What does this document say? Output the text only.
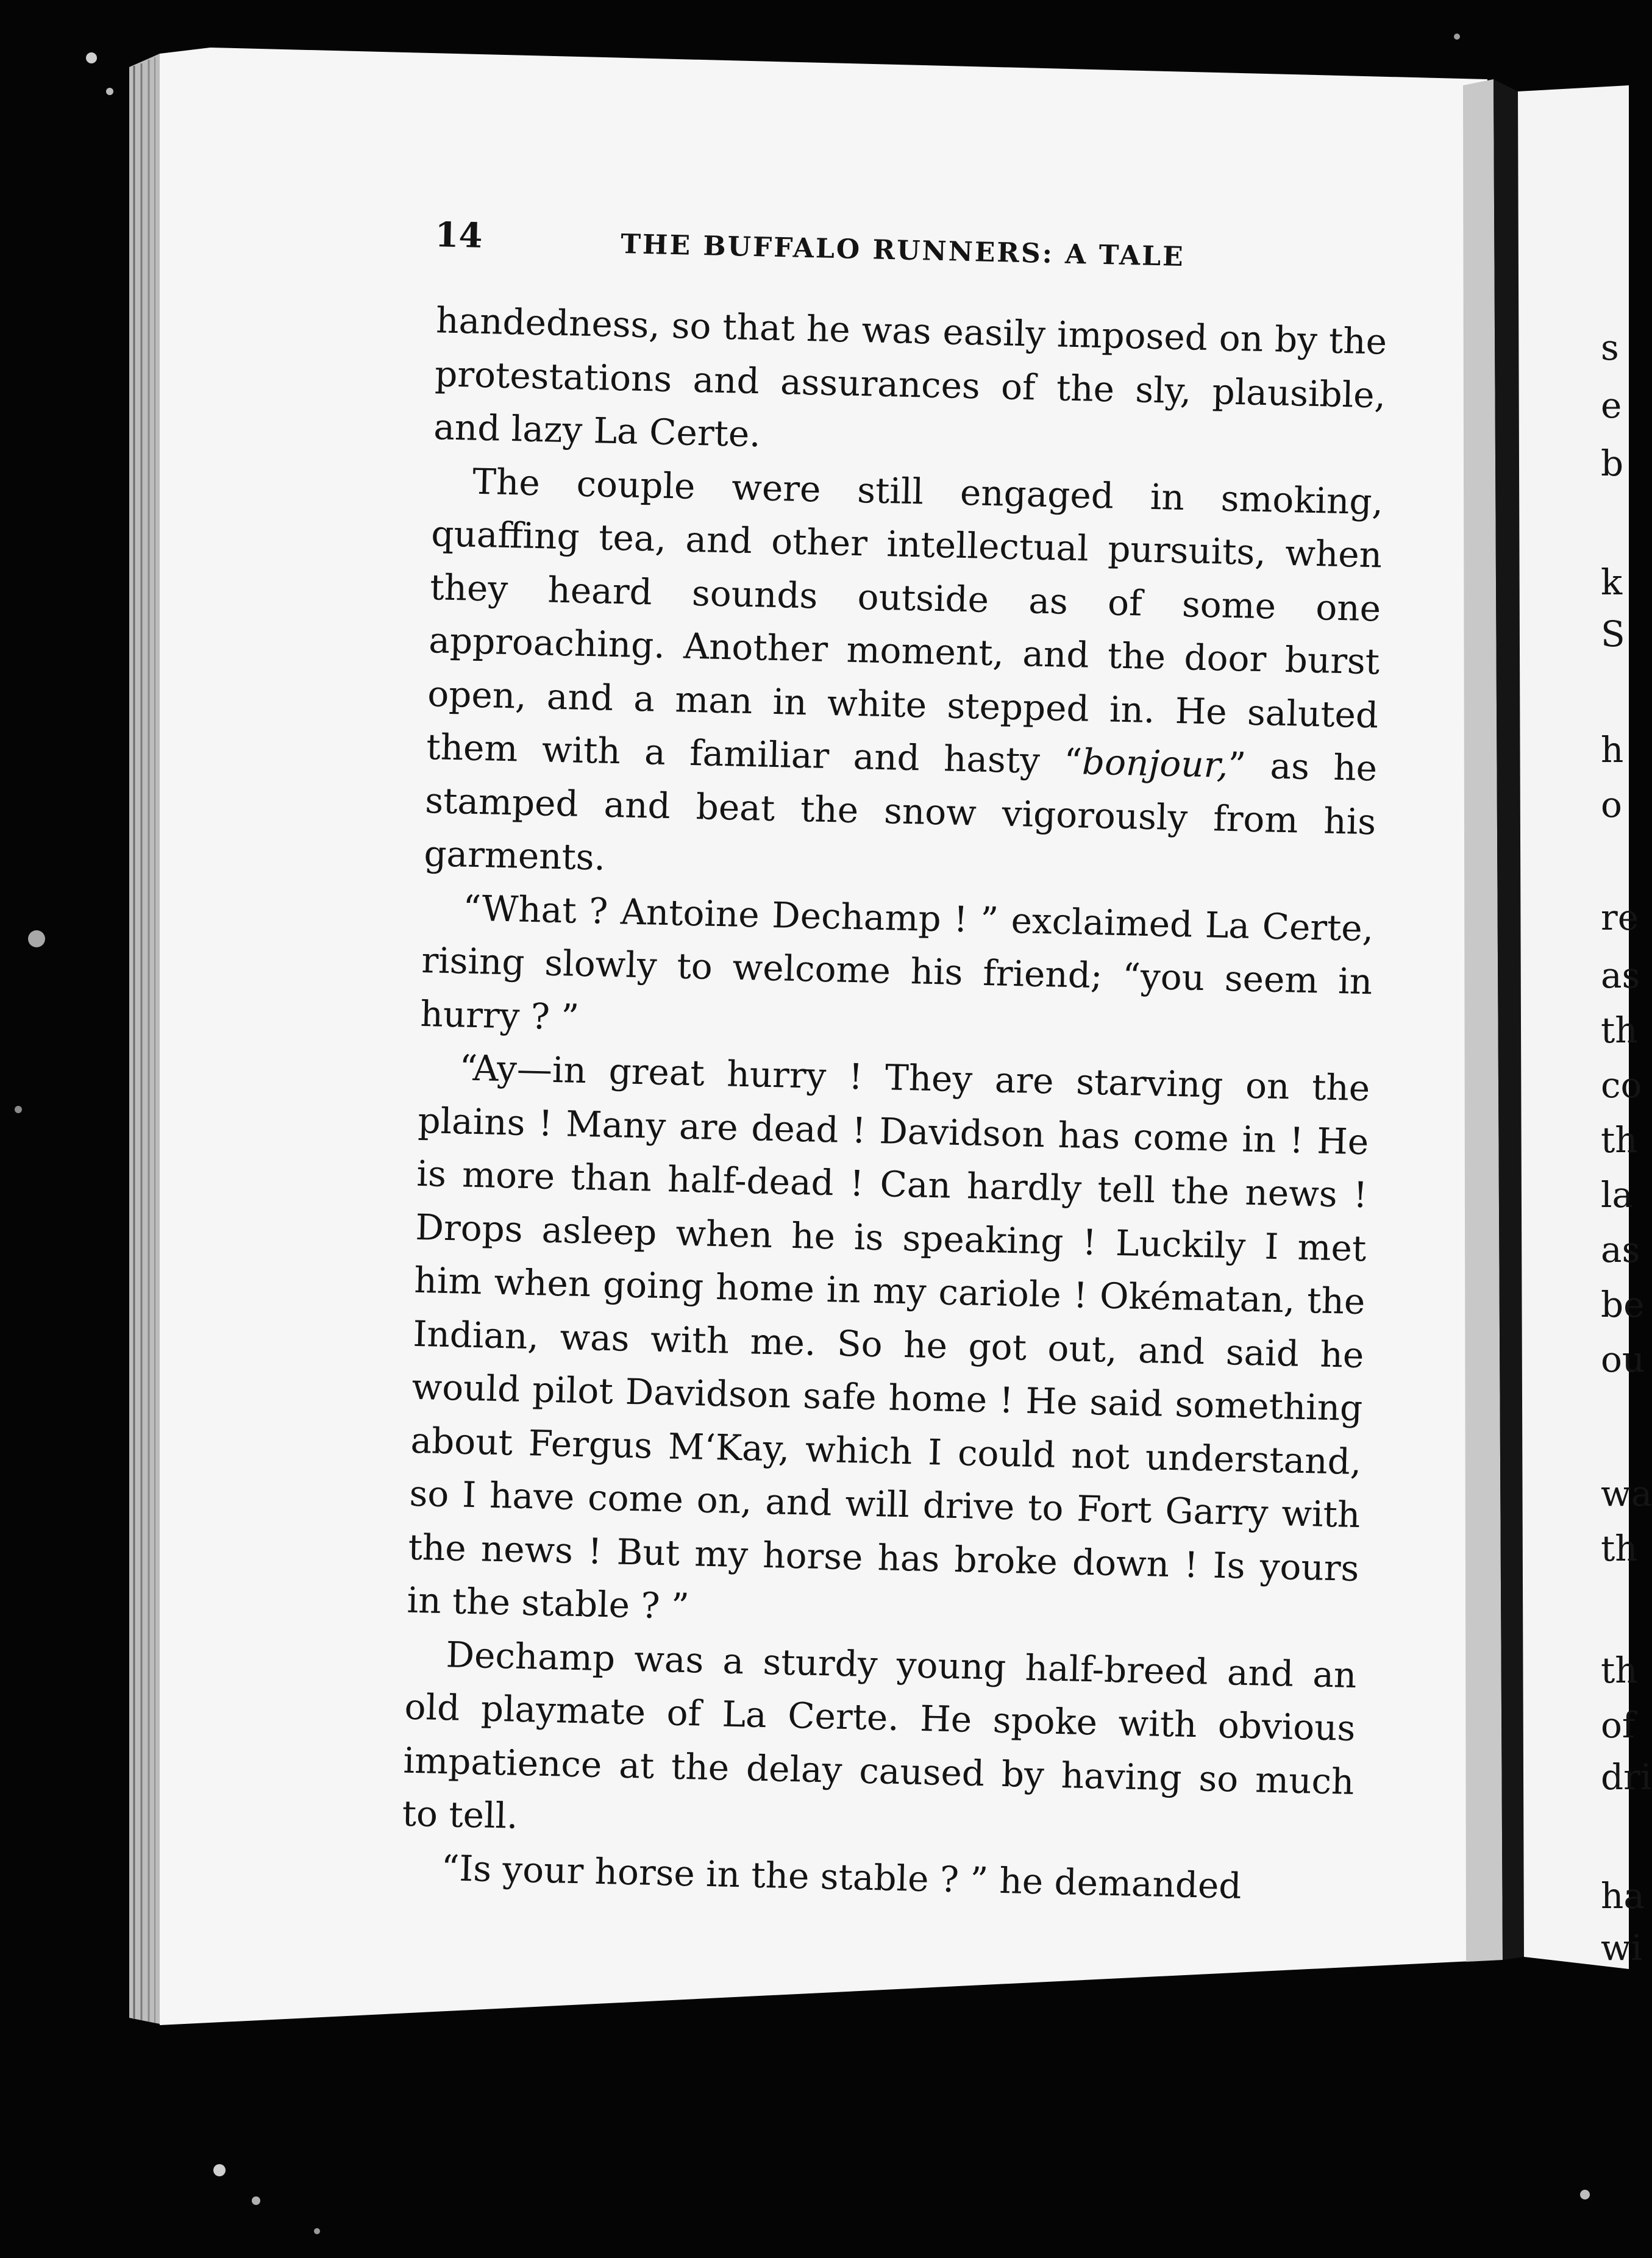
14	THE BUFFALO RUNNERS: A TALE

handedness, so that he was easily imposed on by the protestations and assurances of the sly, plausible, and lazy La Certe.

The couple were still engaged in smoking, quaffing tea, and other intellectual pursuits, when they heard sounds outside as of some one approaching. Another moment, and the door burst open, and a man in white stepped in. He saluted them with a familiar and hasty “bonjour,” as he stamped and beat the snow vigorously from his garments.

“What ? Antoine Dechamp ! ” exclaimed La Certe, rising slowly to welcome his friend; “you seem in hurry ? ”

“Ay—in great hurry ! They are starving on the plains ! Many are dead ! Davidson has come in ! He is more than half-dead ! Can hardly tell the news ! Drops asleep when he is speaking ! Luckily I met him when going home in my cariole ! Okématan, the Indian, was with me. So he got out, and said he would pilot Davidson safe home ! He said something about Fergus M‘Kay, which I could not understand, so I have come on, and will drive to Fort Garry with the news ! But my horse has broke down ! Is yours in the stable ? ”

Dechamp was a sturdy young half-breed and an old playmate of La Certe. He spoke with obvious impatience at the delay caused by having so much to tell.

“Is your horse in the stable ? ” he demanded

s
e
b
k
S
h
o
re
as
th
co
th
la
as
be
ou
wa
th
th
of
dri
ha
wi
